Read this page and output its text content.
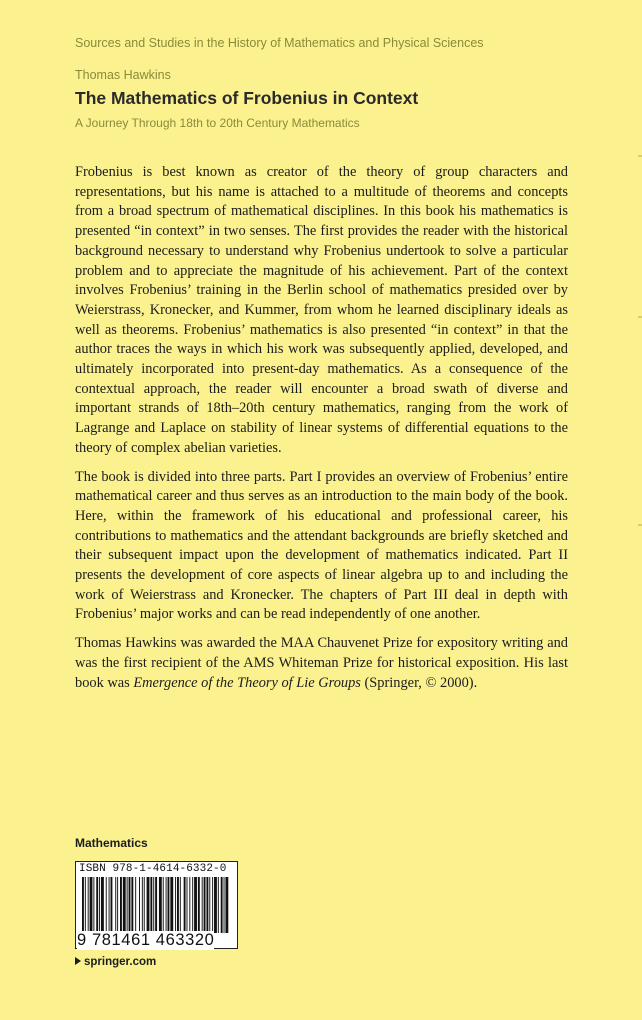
Sources and Studies in the History of Mathematics and Physical Sciences
Thomas Hawkins
The Mathematics of Frobenius in Context
A Journey Through 18th to 20th Century Mathematics

Frobenius is best known as creator of the theory of group characters and representations, but his name is attached to a multitude of theorems and concepts from a broad spectrum of mathematical disciplines. In this book his mathematics is presented “in context” in two senses. The first provides the reader with the historical background necessary to understand why Frobenius undertook to solve a particular problem and to appreciate the magnitude of his achievement. Part of the context involves Frobenius’ training in the Berlin school of mathematics presided over by Weierstrass, Kronecker, and Kummer, from whom he learned disciplinary ideals as well as theorems. Frobenius’ mathematics is also presented “in context” in that the author traces the ways in which his work was subsequently applied, developed, and ultimately incorporated into present-day mathematics. As a consequence of the contextual approach, the reader will encounter a broad swath of diverse and important strands of 18th–20th century mathematics, ranging from the work of Lagrange and Laplace on stability of linear systems of differential equations to the theory of complex abelian varieties.

The book is divided into three parts. Part I provides an overview of Frobenius’ entire mathematical career and thus serves as an introduction to the main body of the book. Here, within the framework of his educational and professional career, his contributions to mathematics and the attendant backgrounds are briefly sketched and their subsequent impact upon the development of mathematics indicated. Part II presents the development of core aspects of linear algebra up to and including the work of Weierstrass and Kronecker. The chapters of Part III deal in depth with Frobenius’ major works and can be read independently of one another.

Thomas Hawkins was awarded the MAA Chauvenet Prize for expository writing and was the first recipient of the AMS Whiteman Prize for historical exposition. His last book was Emergence of the Theory of Lie Groups (Springer, © 2000).

Mathematics
ISBN 978-1-4614-6332-0
9 781461 463320
springer.com
